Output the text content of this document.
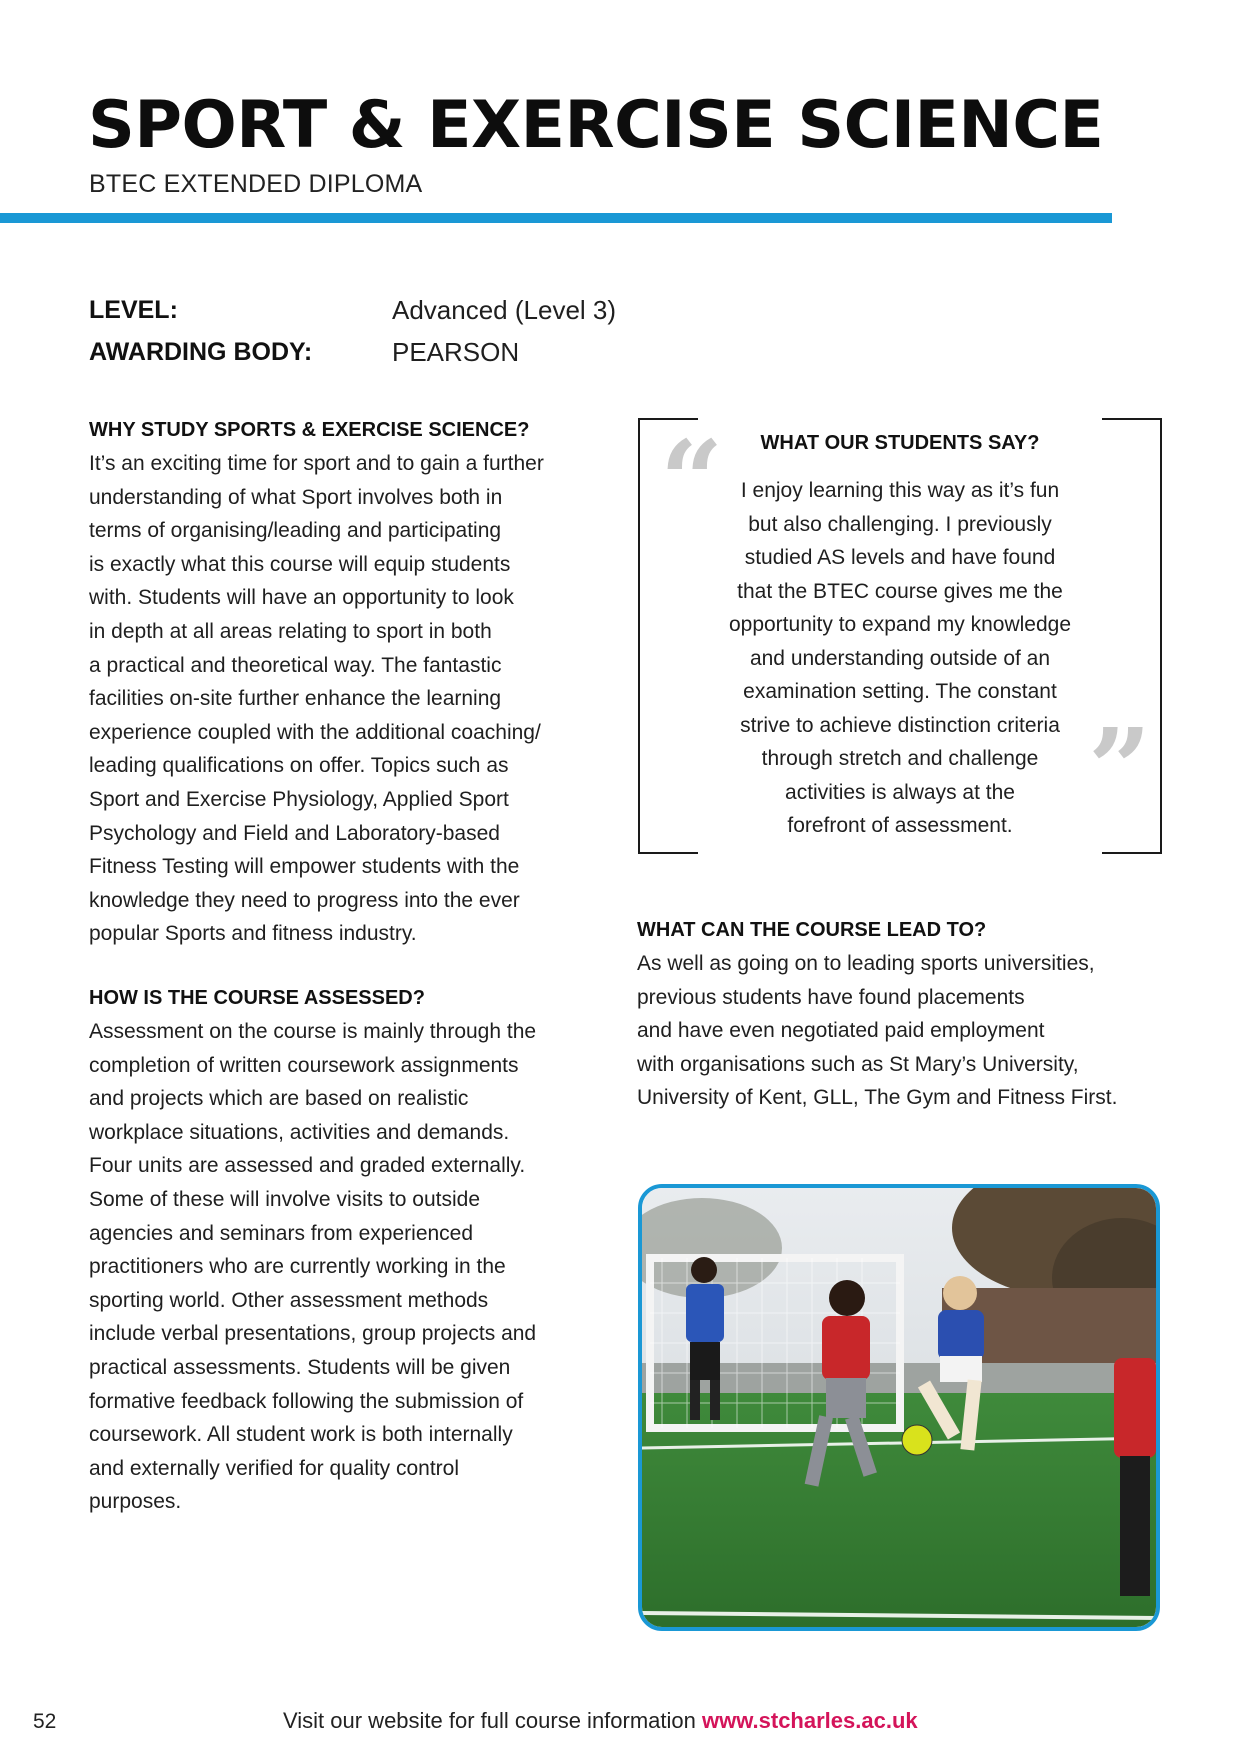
SPORT & EXERCISE SCIENCE
BTEC EXTENDED DIPLOMA
LEVEL:	Advanced (Level 3)
AWARDING BODY:	PEARSON
WHY STUDY SPORTS & EXERCISE SCIENCE?

It’s an exciting time for sport and to gain a further
understanding of what Sport involves both in
terms of organising/leading and participating
is exactly what this course will equip students
with. Students will have an opportunity to look
in depth at all areas relating to sport in both
a practical and theoretical way. The fantastic
facilities on-site further enhance the learning
experience coupled with the additional coaching/
leading qualifications on offer. Topics such as
Sport and Exercise Physiology, Applied Sport
Psychology and Field and Laboratory-based
Fitness Testing will empower students with the
knowledge they need to progress into the ever
popular Sports and fitness industry.

HOW IS THE COURSE ASSESSED?

Assessment on the course is mainly through the
completion of written coursework assignments
and projects which are based on realistic
workplace situations, activities and demands.
Four units are assessed and graded externally.
Some of these will involve visits to outside
agencies and seminars from experienced
practitioners who are currently working in the
sporting world. Other assessment methods
include verbal presentations, group projects and
practical assessments. Students will be given
formative feedback following the submission of
coursework. All student work is both internally
and externally verified for quality control
purposes.

“
”
WHAT OUR STUDENTS SAY?
I enjoy learning this way as it’s fun
but also challenging. I previously
studied AS levels and have found
that the BTEC course gives me the
opportunity to expand my knowledge
and understanding outside of an
examination setting. The constant
strive to achieve distinction criteria
through stretch and challenge
activities is always at the
forefront of assessment.
WHAT CAN THE COURSE LEAD TO?

As well as going on to leading sports universities,
previous students have found placements
and have even negotiated paid employment
with organisations such as St Mary’s University,
University of Kent, GLL, The Gym and Fitness First.

52	Visit our website for full course information www.stcharles.ac.uk
